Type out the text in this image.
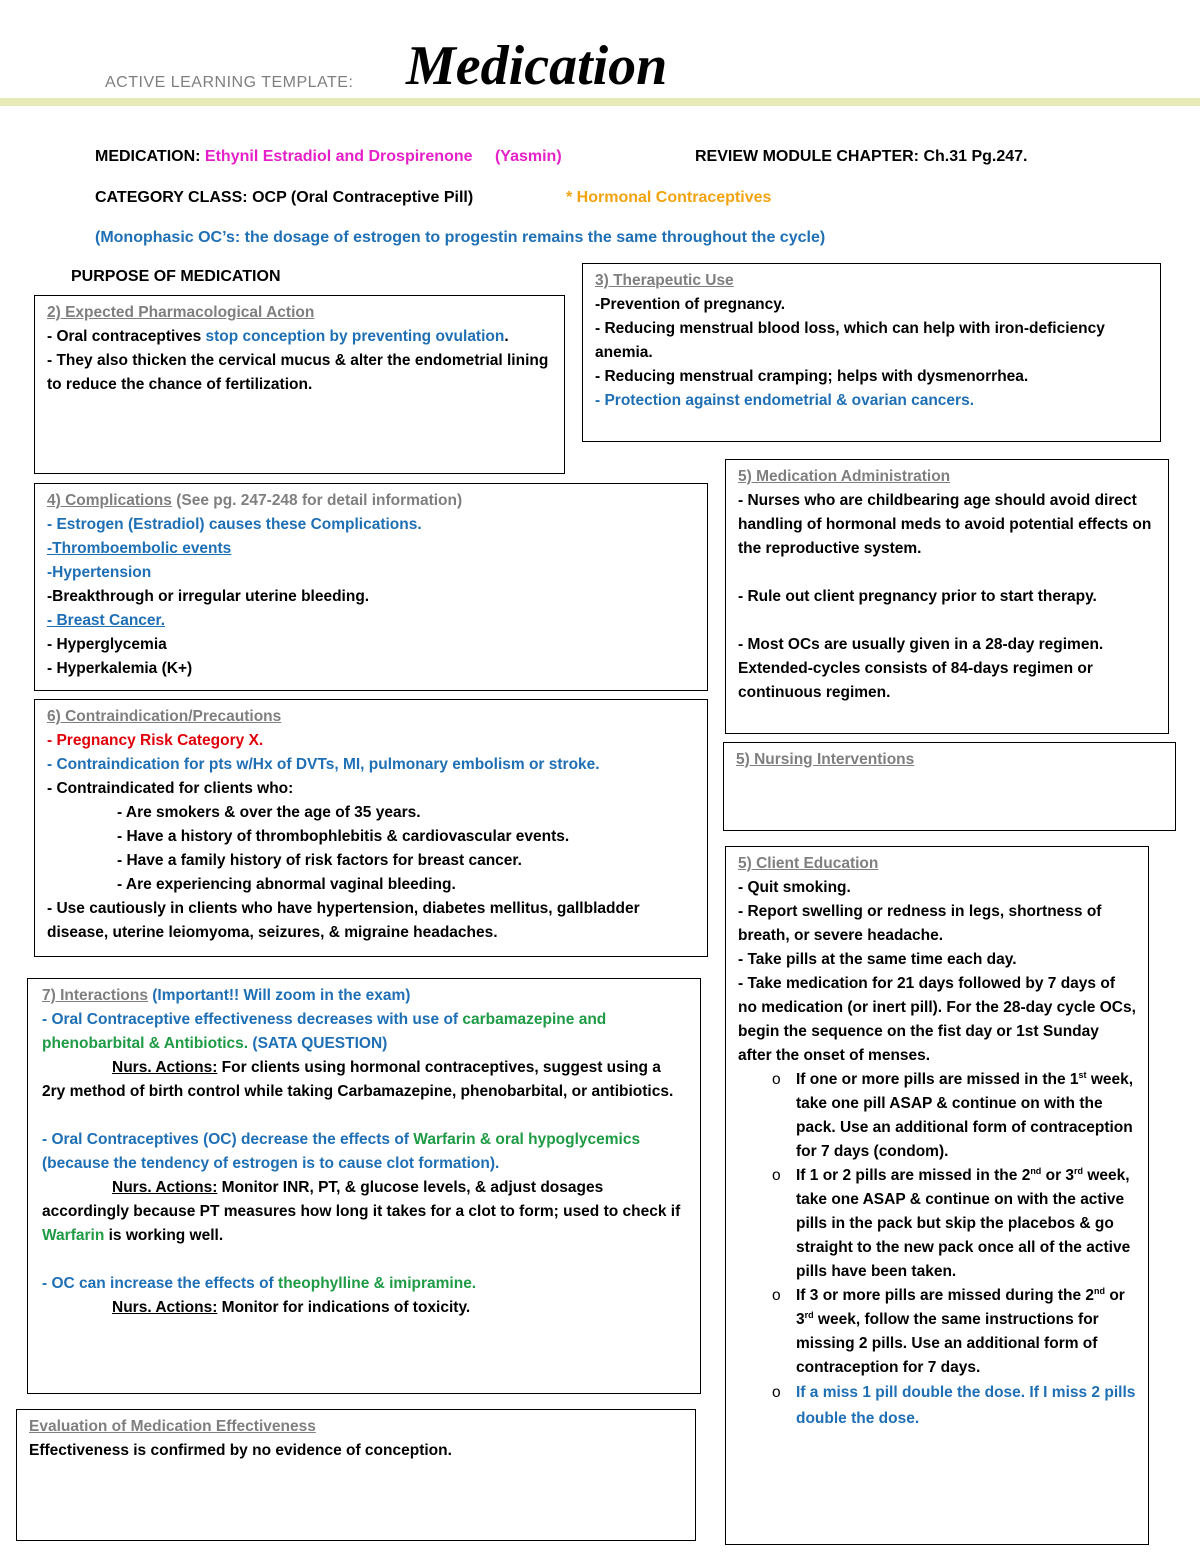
ACTIVE LEARNING TEMPLATE: Medication
MEDICATION: Ethynil Estradiol and Drospirenone (Yasmin)	REVIEW MODULE CHAPTER: Ch.31 Pg.247.
CATEGORY CLASS: OCP (Oral Contraceptive Pill)	* Hormonal Contraceptives
(Monophasic OC’s: the dosage of estrogen to progestin remains the same throughout the cycle)
PURPOSE OF MEDICATION

2) Expected Pharmacological Action

- Oral contraceptives stop conception by preventing ovulation.

- They also thicken the cervical mucus & alter the endometrial lining to reduce the chance of fertilization.

3) Therapeutic Use

-Prevention of pregnancy.

- Reducing menstrual blood loss, which can help with iron-deficiency anemia.

- Reducing menstrual cramping; helps with dysmenorrhea.

- Protection against endometrial & ovarian cancers.

4) Complications (See pg. 247-248 for detail information)

- Estrogen (Estradiol) causes these Complications.

-Thromboembolic events

-Hypertension

-Breakthrough or irregular uterine bleeding.

- Breast Cancer.

- Hyperglycemia

- Hyperkalemia (K+)

5) Medication Administration

- Nurses who are childbearing age should avoid direct handling of hormonal meds to avoid potential effects on the reproductive system.

- Rule out client pregnancy prior to start therapy.

- Most OCs are usually given in a 28-day regimen. Extended-cycles consists of 84-days regimen or continuous regimen.

6) Contraindication/Precautions

- Pregnancy Risk Category X.

- Contraindication for pts w/Hx of DVTs, MI, pulmonary embolism or stroke.

- Contraindicated for clients who:

- Are smokers & over the age of 35 years.

- Have a history of thrombophlebitis & cardiovascular events.

- Have a family history of risk factors for breast cancer.

- Are experiencing abnormal vaginal bleeding.

- Use cautiously in clients who have hypertension, diabetes mellitus, gallbladder disease, uterine leiomyoma, seizures, & migraine headaches.

5) Nursing Interventions

7) Interactions (Important!! Will zoom in the exam)

- Oral Contraceptive effectiveness decreases with use of carbamazepine and phenobarbital & Antibiotics. (SATA QUESTION)

Nurs. Actions: For clients using hormonal contraceptives, suggest using a 2ry method of birth control while taking Carbamazepine, phenobarbital, or antibiotics.

- Oral Contraceptives (OC) decrease the effects of Warfarin & oral hypoglycemics (because the tendency of estrogen is to cause clot formation).

Nurs. Actions: Monitor INR, PT, & glucose levels, & adjust dosages accordingly because PT measures how long it takes for a clot to form; used to check if Warfarin is working well.

- OC can increase the effects of theophylline & imipramine.

Nurs. Actions: Monitor for indications of toxicity.

5) Client Education

- Quit smoking.

- Report swelling or redness in legs, shortness of breath, or severe headache.

- Take pills at the same time each day.

- Take medication for 21 days followed by 7 days of no medication (or inert pill). For the 28-day cycle OCs, begin the sequence on the fist day or 1st Sunday after the onset of menses.

o If one or more pills are missed in the 1st week, take one pill ASAP & continue on with the pack. Use an additional form of contraception for 7 days (condom).
o If 1 or 2 pills are missed in the 2nd or 3rd week, take one ASAP & continue on with the active pills in the pack but skip the placebos & go straight to the new pack once all of the active pills have been taken.
o If 3 or more pills are missed during the 2nd or 3rd week, follow the same instructions for missing 2 pills. Use an additional form of contraception for 7 days.
o If a miss 1 pill double the dose. If I miss 2 pills double the dose.

Evaluation of Medication Effectiveness

Effectiveness is confirmed by no evidence of conception.
